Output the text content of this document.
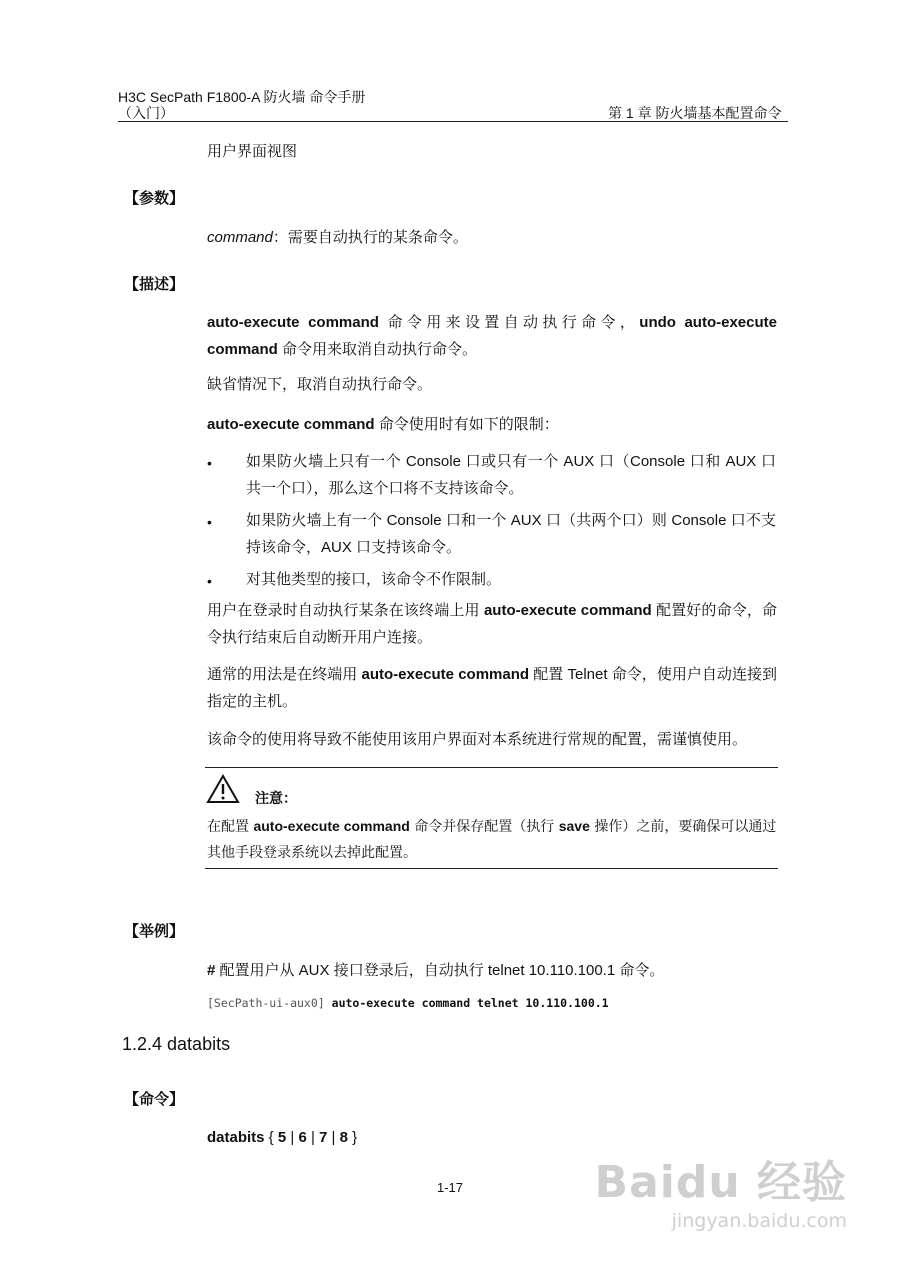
H3C SecPath F1800-A 防火墙 命令手册
（入门）	第 1 章 防火墙基本配置命令
用户界面视图
【参数】
command：需要自动执行的某条命令。
【描述】
auto-execute command 命令用来设置自动执行命令，undo auto-execute command 命令用来取消自动执行命令。
缺省情况下，取消自动执行命令。
auto-execute command 命令使用时有如下的限制：
• 如果防火墙上只有一个 Console 口或只有一个 AUX 口（Console 口和 AUX 口共一个口），那么这个口将不支持该命令。
• 如果防火墙上有一个 Console 口和一个 AUX 口（共两个口）则 Console 口不支持该命令，AUX 口支持该命令。
• 对其他类型的接口，该命令不作限制。
用户在登录时自动执行某条在该终端上用 auto-execute command 配置好的命令，命令执行结束后自动断开用户连接。
通常的用法是在终端用 auto-execute command 配置 Telnet 命令，使用户自动连接到指定的主机。
该命令的使用将导致不能使用该用户界面对本系统进行常规的配置，需谨慎使用。
注意：
在配置 auto-execute command 命令并保存配置（执行 save 操作）之前，要确保可以通过其他手段登录系统以去掉此配置。
【举例】
# 配置用户从 AUX 接口登录后，自动执行 telnet 10.110.100.1 命令。
[SecPath-ui-aux0] auto-execute command telnet 10.110.100.1
1.2.4 databits
【命令】
databits { 5 | 6 | 7 | 8 }
1-17	Baidu 经验
jingyan.baidu.com
